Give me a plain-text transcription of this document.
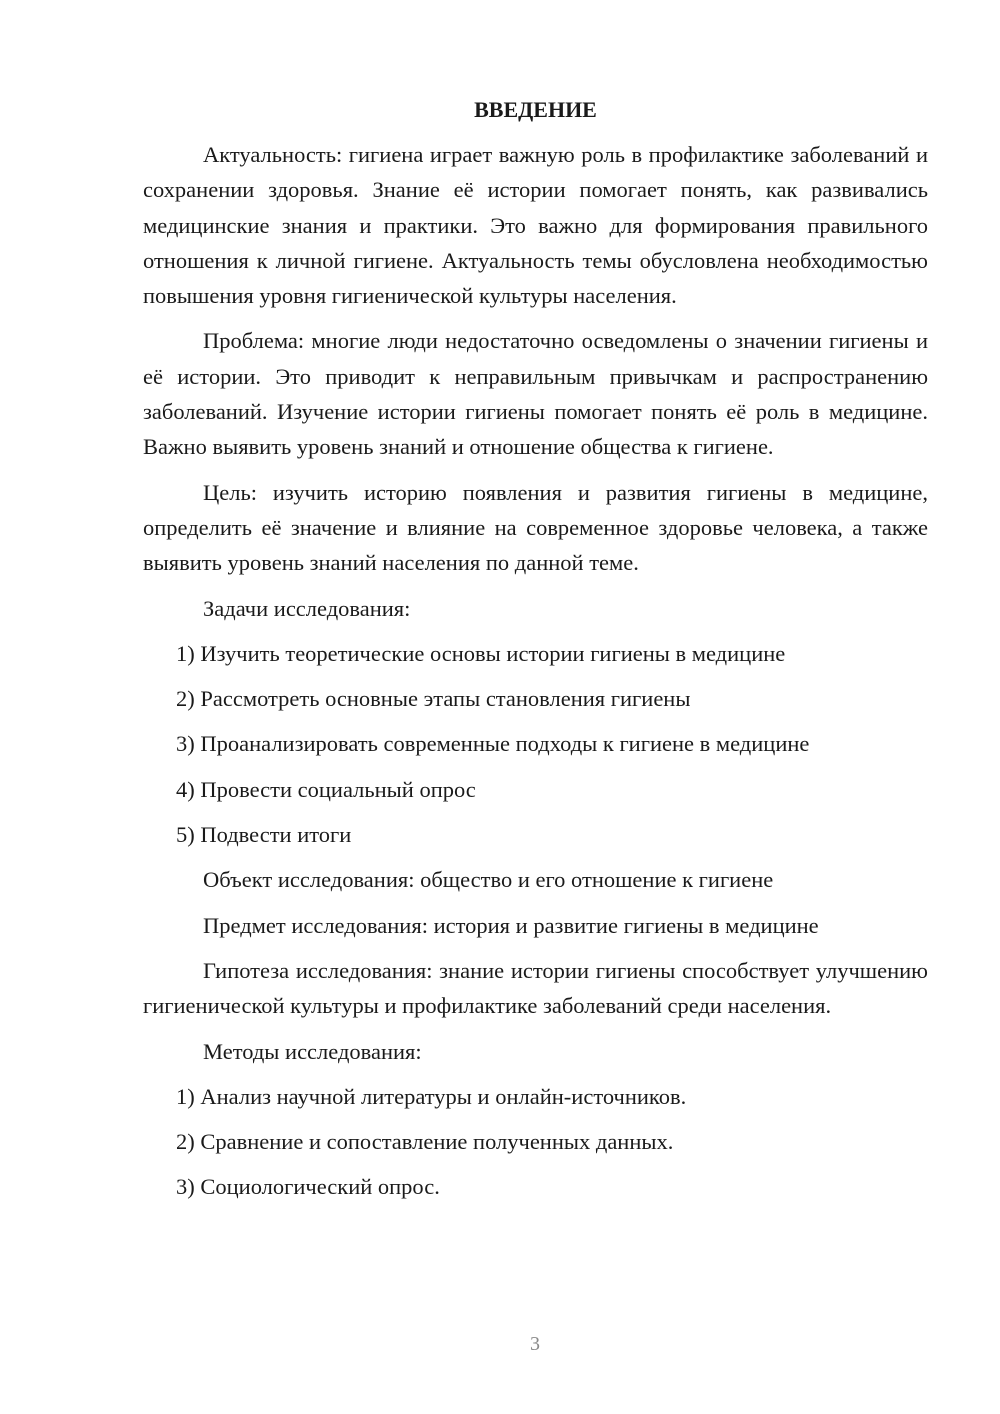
ВВЕДЕНИЕ

Актуальность: гигиена играет важную роль в профилактике заболеваний и сохранении здоровья. Знание её истории помогает понять, как развивались медицинские знания и практики. Это важно для формирования правильного отношения к личной гигиене. Актуальность темы обусловлена необходимостью повышения уровня гигиенической культуры населения.

Проблема: многие люди недостаточно осведомлены о значении гигиены и её истории. Это приводит к неправильным привычкам и распространению заболеваний. Изучение истории гигиены помогает понять её роль в медицине. Важно выявить уровень знаний и отношение общества к гигиене.

Цель: изучить историю появления и развития гигиены в медицине, определить её значение и влияние на современное здоровье человека, а также выявить уровень знаний населения по данной теме.

Задачи исследования:
1) Изучить теоретические основы истории гигиены в медицине
2) Рассмотреть основные этапы становления гигиены
3) Проанализировать современные подходы к гигиене в медицине
4) Провести социальный опрос
5) Подвести итоги
Объект исследования: общество и его отношение к гигиене
Предмет исследования: история и развитие гигиены в медицине

Гипотеза исследования: знание истории гигиены способствует улучшению гигиенической культуры и профилактике заболеваний среди населения.

Методы исследования:
1) Анализ научной литературы и онлайн-источников.
2) Сравнение и сопоставление полученных данных.
3) Социологический опрос.
3
